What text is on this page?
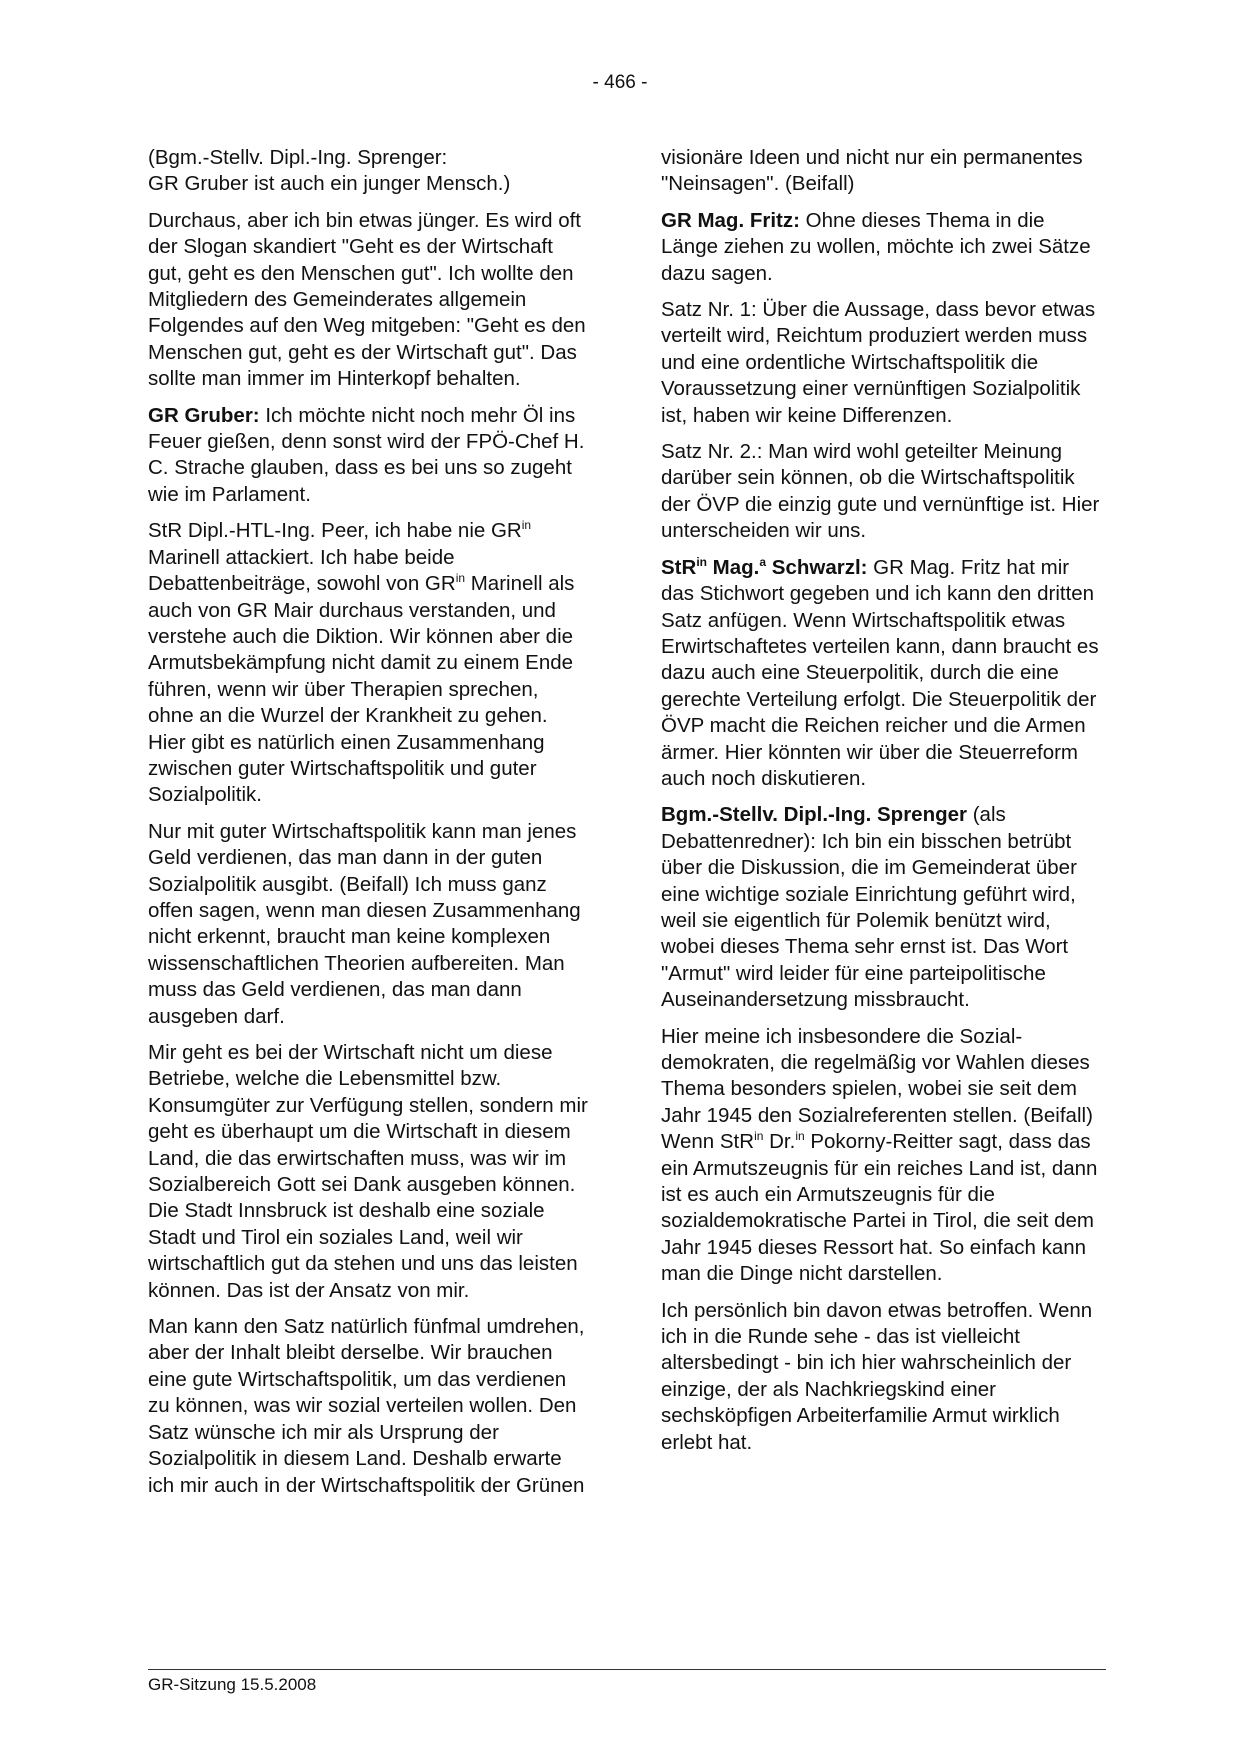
- 466 -

(Bgm.-Stellv. Dipl.-Ing. Sprenger:
GR Gruber ist auch ein junger Mensch.)

Durchaus, aber ich bin etwas jünger. Es wird oft der Slogan skandiert "Geht es der Wirtschaft gut, geht es den Menschen gut". Ich wollte den Mitgliedern des Gemeinderates allgemein Folgendes auf den Weg mitgeben: "Geht es den Menschen gut, geht es der Wirtschaft gut". Das sollte man immer im Hinterkopf behalten.

GR Gruber: Ich möchte nicht noch mehr Öl ins Feuer gießen, denn sonst wird der FPÖ-Chef H. C. Strache glauben, dass es bei uns so zugeht wie im Parlament.

StR Dipl.-HTL-Ing. Peer, ich habe nie $GR^{in}$ Marinell attackiert. Ich habe beide Debattenbeiträge, sowohl von $GR^{in}$ Marinell als auch von GR Mair durchaus verstanden, und verstehe auch die Diktion. Wir können aber die Armutsbekämpfung nicht damit zu einem Ende führen, wenn wir über Therapien sprechen, ohne an die Wurzel der Krankheit zu gehen. Hier gibt es natürlich einen Zusammenhang zwischen guter Wirtschaftspolitik und guter Sozialpolitik.

Nur mit guter Wirtschaftspolitik kann man jenes Geld verdienen, das man dann in der guten Sozialpolitik ausgibt. (Beifall) Ich muss ganz offen sagen, wenn man diesen Zusammenhang nicht erkennt, braucht man keine komplexen wissenschaftlichen Theorien aufbereiten. Man muss das Geld verdienen, das man dann ausgeben darf.

Mir geht es bei der Wirtschaft nicht um diese Betriebe, welche die Lebensmittel bzw. Konsumgüter zur Verfügung stellen, sondern mir geht es überhaupt um die Wirtschaft in diesem Land, die das erwirtschaften muss, was wir im Sozialbereich Gott sei Dank ausgeben können. Die Stadt Innsbruck ist deshalb eine soziale Stadt und Tirol ein soziales Land, weil wir wirtschaftlich gut da stehen und uns das leisten können. Das ist der Ansatz von mir.

Man kann den Satz natürlich fünfmal umdrehen, aber der Inhalt bleibt derselbe. Wir brauchen eine gute Wirtschaftspolitik, um das verdienen zu können, was wir sozial verteilen wollen. Den Satz wünsche ich mir als Ursprung der Sozialpolitik in diesem Land. Deshalb erwarte ich mir auch in der Wirtschaftspolitik der Grünen

visionäre Ideen und nicht nur ein permanentes "Neinsagen". (Beifall)

GR Mag. Fritz: Ohne dieses Thema in die Länge ziehen zu wollen, möchte ich zwei Sätze dazu sagen.

Satz Nr. 1: Über die Aussage, dass bevor etwas verteilt wird, Reichtum produziert werden muss und eine ordentliche Wirtschaftspolitik die Voraussetzung einer vernünftigen Sozialpolitik ist, haben wir keine Differenzen.

Satz Nr. 2.: Man wird wohl geteilter Meinung darüber sein können, ob die Wirtschaftspolitik der ÖVP die einzig gute und vernünftige ist. Hier unterscheiden wir uns.

StR$^{in}$ Mag.$^a$ Schwarzl: GR Mag. Fritz hat mir das Stichwort gegeben und ich kann den dritten Satz anfügen. Wenn Wirtschaftspolitik etwas Erwirtschaftetes verteilen kann, dann braucht es dazu auch eine Steuerpolitik, durch die eine gerechte Verteilung erfolgt. Die Steuerpolitik der ÖVP macht die Reichen reicher und die Armen ärmer. Hier könnten wir über die Steuerreform auch noch diskutieren.

Bgm.-Stellv. Dipl.-Ing. Sprenger (als Debattenredner): Ich bin ein bisschen betrübt über die Diskussion, die im Gemeinderat über eine wichtige soziale Einrichtung geführt wird, weil sie eigentlich für Polemik benützt wird, wobei dieses Thema sehr ernst ist. Das Wort "Armut" wird leider für eine parteipolitische Auseinandersetzung missbraucht.

Hier meine ich insbesondere die Sozialdemokraten, die regelmäßig vor Wahlen dieses Thema besonders spielen, wobei sie seit dem Jahr 1945 den Sozialreferenten stellen. (Beifall) Wenn StR$^{in}$ Dr.$^{in}$ Pokorny-Reitter sagt, dass das ein Armutszeugnis für ein reiches Land ist, dann ist es auch ein Armutszeugnis für die sozialdemokratische Partei in Tirol, die seit dem Jahr 1945 dieses Ressort hat. So einfach kann man die Dinge nicht darstellen.

Ich persönlich bin davon etwas betroffen. Wenn ich in die Runde sehe - das ist vielleicht altersbedingt - bin ich hier wahrscheinlich der einzige, der als Nachkriegskind einer sechsköpfigen Arbeiterfamilie Armut wirklich erlebt hat.

GR-Sitzung 15.5.2008
